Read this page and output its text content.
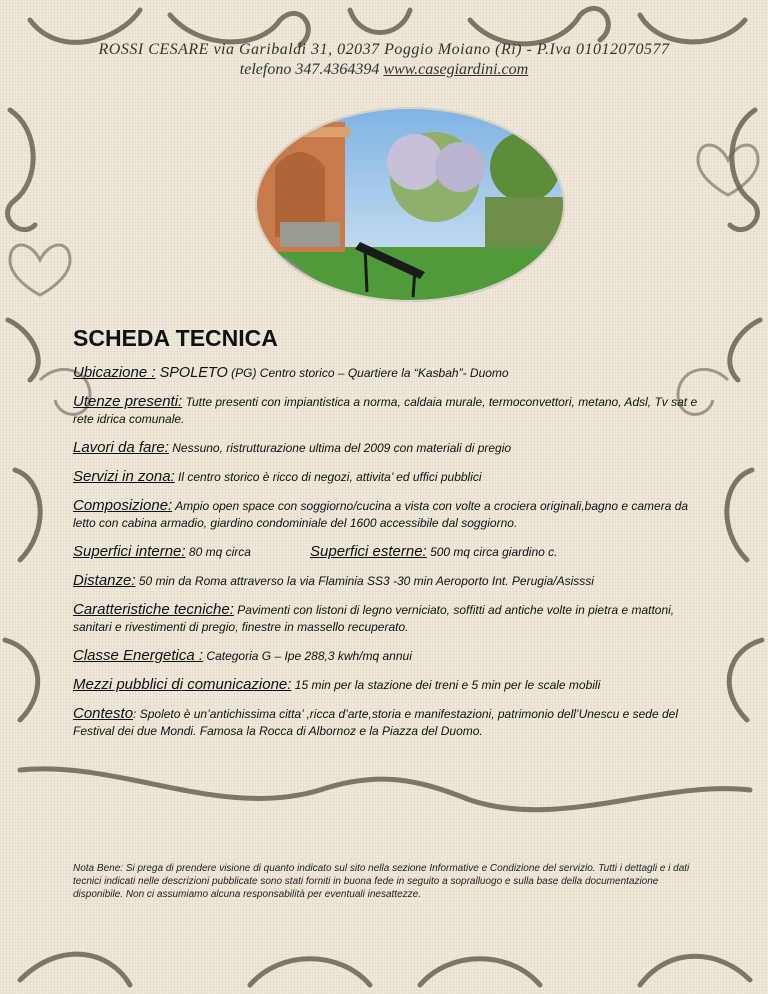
ROSSI CESARE via Garibaldi 31, 02037 Poggio Moiano (Ri) - P.Iva 01012070577
telefono 347.4364394 www.casegiardini.com
SCHEDA TECNICA
Ubicazione : SPOLETO (PG) Centro storico – Quartiere la “Kasbah”- Duomo
Utenze presenti: Tutte presenti con impiantistica a norma, caldaia murale, termoconvettori, metano, Adsl, Tv sat e rete idrica comunale.
Lavori da fare: Nessuno, ristrutturazione ultima del 2009 con materiali di pregio
Servizi in zona: Il centro storico è ricco di negozi, attivita’ ed uffici pubblici
Composizione: Ampio open space con soggiorno/cucina a vista con volte a crociera originali,bagno e camera da letto con cabina armadio, giardino condominiale del 1600 accessibile dal soggiorno.
Superfici interne: 80 mq circa	Superfici esterne: 500 mq circa giardino c.
Distanze: 50 min da Roma attraverso la via Flaminia SS3 -30 min Aeroporto Int. Perugia/Asisssi
Caratteristiche tecniche: Pavimenti con listoni di legno verniciato, soffitti ad antiche volte in pietra e mattoni, sanitari e rivestimenti di pregio, finestre in massello recuperato.
Classe Energetica : Categoria G – Ipe 288,3 kwh/mq annui
Mezzi pubblici di comunicazione: 15 min per la stazione dei treni e 5 min per le scale mobili
Contesto: Spoleto è un’antichissima citta’ ,ricca d’arte,storia e manifestazioni, patrimonio dell’Unescu e sede del Festival dei due Mondi. Famosa la Rocca di Albornoz e la Piazza del Duomo.
Nota Bene: Si prega di prendere visione di quanto indicato sul sito nella sezione Informative e Condizione del servizio. Tutti i dettagli e i dati tecnici indicati nelle descrizioni pubblicate sono stati forniti in buona fede in seguito a sopralluogo e sulla base della documentazione disponibile. Non ci assumiamo alcuna responsabilità per eventuali inesattezze.
